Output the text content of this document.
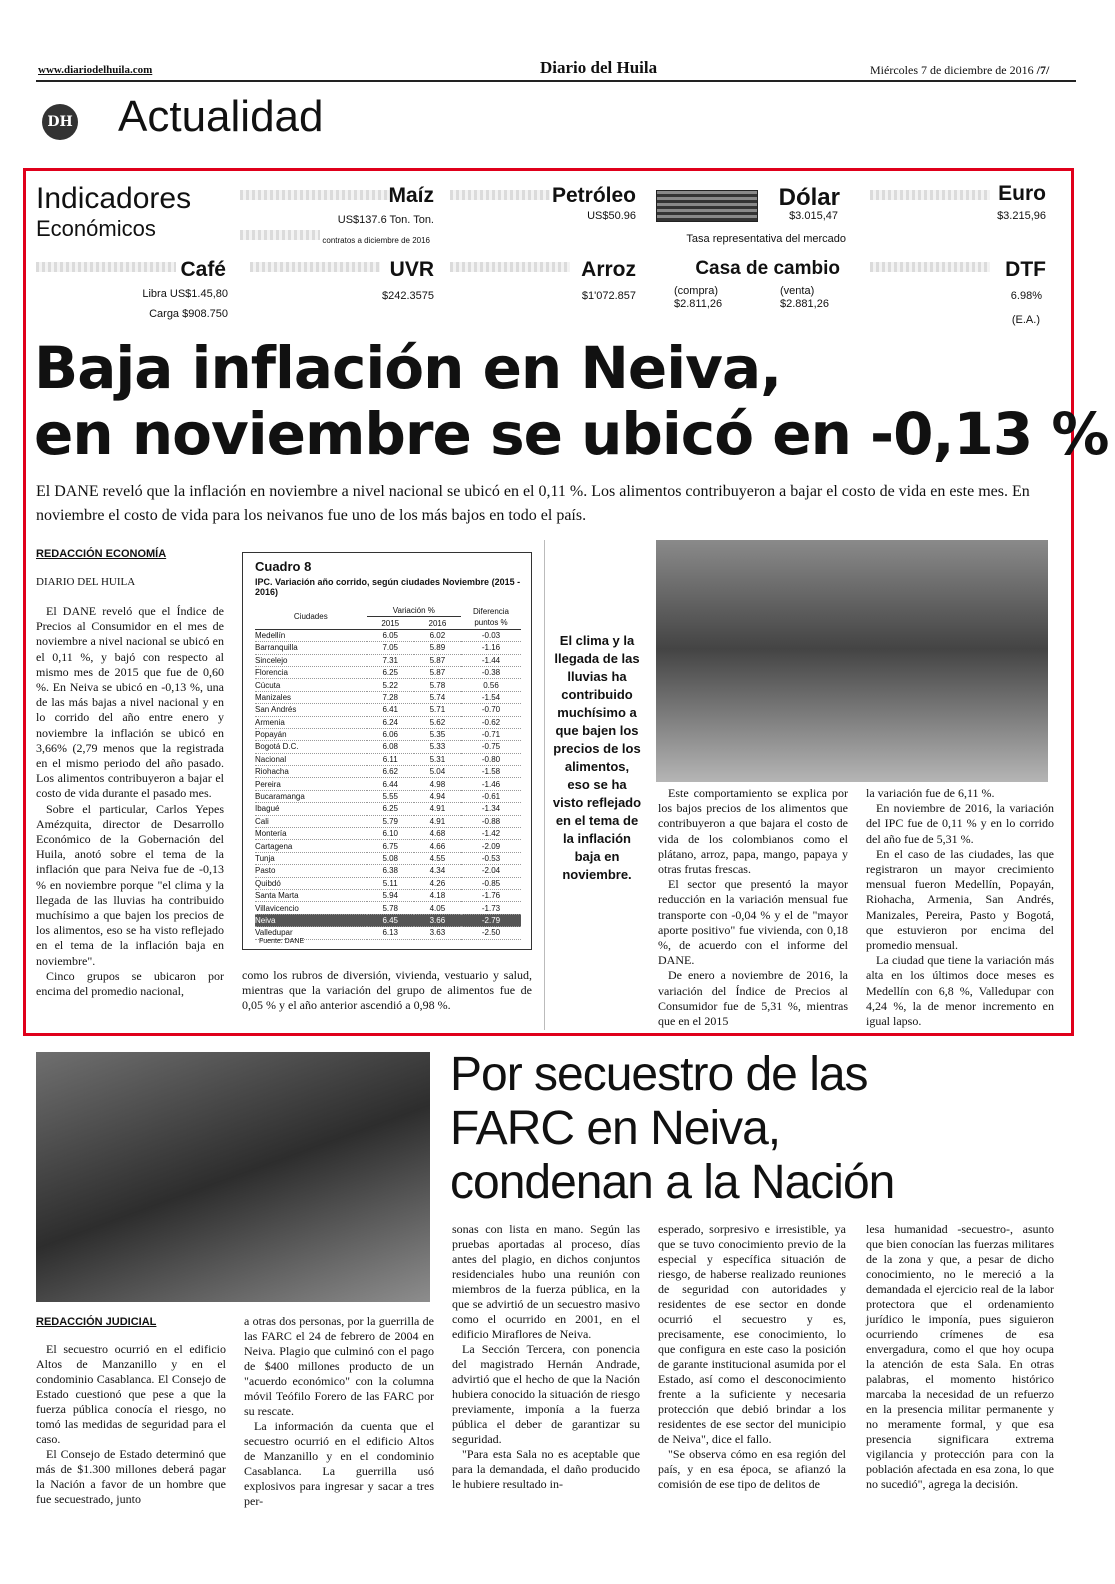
www.diariodelhuila.com	Diario del Huila	Miércoles 7 de diciembre de 2016 /7/
DH Actualidad
Indicadores
Económicos
Maíz
US$137.6 Ton. Ton.
contratos a diciembre de 2016
Petróleo
US$50.96
Dólar
$3.015,47
Tasa representativa del mercado
Euro
$3.215,96
Café
Libra US$1.45,80
Carga $908.750
UVR
$242.3575
Arroz
$1'072.857
Casa de cambio
(compra)
$2.811,26
(venta)
$2.881,26
DTF
6.98%
(E.A.)
Baja inflación en Neiva,
en noviembre se ubicó en -0,13 %
El DANE reveló que la inflación en noviembre a nivel nacional se ubicó en el 0,11 %. Los alimentos contribuyeron a bajar el costo de vida en este mes. En noviembre el costo de vida para los neivanos fue uno de los más bajos en todo el país.
REDACCIÓN ECONOMÍA
DIARIO DEL HUILA

El DANE reveló que el Índice de Precios al Consumidor en el mes de noviembre a nivel nacional se ubicó en el 0,11 %, y bajó con respecto al mismo mes de 2015 que fue de 0,60 %. En Neiva se ubicó en -0,13 %, una de las más bajas a nivel nacional y en lo corrido del año entre enero y noviembre la inflación se ubicó en 3,66% (2,79 menos que la registrada en el mismo periodo del año pasado. Los alimentos contribuyeron a bajar el costo de vida durante el pasado mes.

Sobre el particular, Carlos Yepes Amézquita, director de Desarrollo Económico de la Gobernación del Huila, anotó sobre el tema de la inflación que para Neiva fue de -0,13 % en noviembre porque "el clima y la llegada de las lluvias ha contribuido muchísimo a que bajen los precios de los alimentos, eso se ha visto reflejado en el tema de la inflación baja en noviembre".

Cinco grupos se ubicaron por encima del promedio nacional,

Cuadro 8
IPC. Variación año corrido, según ciudades Noviembre (2015 - 2016)
Ciudades	Variación %		Diferencia puntos %
	2015	2016	
Medellín	6.05	6.02	-0.03
Barranquilla	7.05	5.89	-1.16
Sincelejo	7.31	5.87	-1.44
Florencia	6.25	5.87	-0.38
Cúcuta	5.22	5.78	0.56
Manizales	7.28	5.74	-1.54
San Andrés	6.41	5.71	-0.70
Armenia	6.24	5.62	-0.62
Popayán	6.06	5.35	-0.71
Bogotá D.C.	6.08	5.33	-0.75
Nacional	6.11	5.31	-0.80
Riohacha	6.62	5.04	-1.58
Pereira	6.44	4.98	-1.46
Bucaramanga	5.55	4.94	-0.61
Ibagué	6.25	4.91	-1.34
Cali	5.79	4.91	-0.88
Montería	6.10	4.68	-1.42
Cartagena	6.75	4.66	-2.09
Tunja	5.08	4.55	-0.53
Pasto	6.38	4.34	-2.04
Quibdó	5.11	4.26	-0.85
Santa Marta	5.94	4.18	-1.76
Villavicencio	5.78	4.05	-1.73
Neiva	6.45	3.66	-2.79
Valledupar	6.13	3.63	-2.50
Fuente: DANE
El clima y la llegada de las lluvias ha contribuido muchísimo a que bajen los precios de los alimentos, eso se ha visto reflejado en el tema de la inflación baja en noviembre.
como los rubros de diversión, vivienda, vestuario y salud, mientras que la variación del grupo de alimentos fue de 0,05 % y el año anterior ascendió a 0,98 %.

Este comportamiento se explica por los bajos precios de los alimentos que contribuyeron a que bajara el costo de vida de los colombianos como el plátano, arroz, papa, mango, papaya y otras frutas frescas.

El sector que presentó la mayor reducción en la variación mensual fue transporte con -0,04 % y el de "mayor aporte positivo" fue vivienda, con 0,18 %, de acuerdo con el informe del DANE.

De enero a noviembre de 2016, la variación del Índice de Precios al Consumidor fue de 5,31 %, mientras que en el 2015

la variación fue de 6,11 %.

En noviembre de 2016, la variación del IPC fue de 0,11 % y en lo corrido del año fue de 5,31 %.

En el caso de las ciudades, las que registraron un mayor crecimiento mensual fueron Medellín, Popayán, Riohacha, Armenia, San Andrés, Manizales, Pereira, Pasto y Bogotá, que estuvieron por encima del promedio mensual.

La ciudad que tiene la variación más alta en los últimos doce meses es Medellín con 6,8 %, Valledupar con 4,24 %, la de menor incremento en igual lapso.

Por secuestro de las
FARC en Neiva,
condenan a la Nación
REDACCIÓN JUDICIAL

El secuestro ocurrió en el edificio Altos de Manzanillo y en el condominio Casablanca. El Consejo de Estado cuestionó que pese a que la fuerza pública conocía el riesgo, no tomó las medidas de seguridad para el caso.

El Consejo de Estado determinó que más de $1.300 millones deberá pagar la Nación a favor de un hombre que fue secuestrado, junto

a otras dos personas, por la guerrilla de las FARC el 24 de febrero de 2004 en Neiva. Plagio que culminó con el pago de $400 millones producto de un "acuerdo económico" con la columna móvil Teófilo Forero de las FARC por su rescate.

La información da cuenta que el secuestro ocurrió en el edificio Altos de Manzanillo y en el condominio Casablanca. La guerrilla usó explosivos para ingresar y sacar a tres per-

sonas con lista en mano. Según las pruebas aportadas al proceso, días antes del plagio, en dichos conjuntos residenciales hubo una reunión con miembros de la fuerza pública, en la que se advirtió de un secuestro masivo como el ocurrido en 2001, en el edificio Miraflores de Neiva.

La Sección Tercera, con ponencia del magistrado Hernán Andrade, advirtió que el hecho de que la Nación hubiera conocido la situación de riesgo previamente, imponía a la fuerza pública el deber de garantizar su seguridad.

"Para esta Sala no es aceptable que para la demandada, el daño producido le hubiere resultado in-

esperado, sorpresivo e irresistible, ya que se tuvo conocimiento previo de la especial y específica situación de riesgo, de haberse realizado reuniones de seguridad con autoridades y residentes de ese sector en donde ocurrió el secuestro y es, precisamente, ese conocimiento, lo que configura en este caso la posición de garante institucional asumida por el Estado, así como el desconocimiento frente a la suficiente y necesaria protección que debió brindar a los residentes de ese sector del municipio de Neiva", dice el fallo.

"Se observa cómo en esa región del país, y en esa época, se afianzó la comisión de ese tipo de delitos de

lesa humanidad -secuestro-, asunto que bien conocían las fuerzas militares de la zona y que, a pesar de dicho conocimiento, no le mereció a la demandada el ejercicio real de la labor protectora que el ordenamiento jurídico le imponía, pues siguieron ocurriendo crímenes de esa envergadura, como el que hoy ocupa la atención de esta Sala. En otras palabras, el momento histórico marcaba la necesidad de un refuerzo en la presencia militar permanente y no meramente formal, y que esa presencia significara extrema vigilancia y protección para con la población afectada en esa zona, lo que no sucedió", agrega la decisión.
